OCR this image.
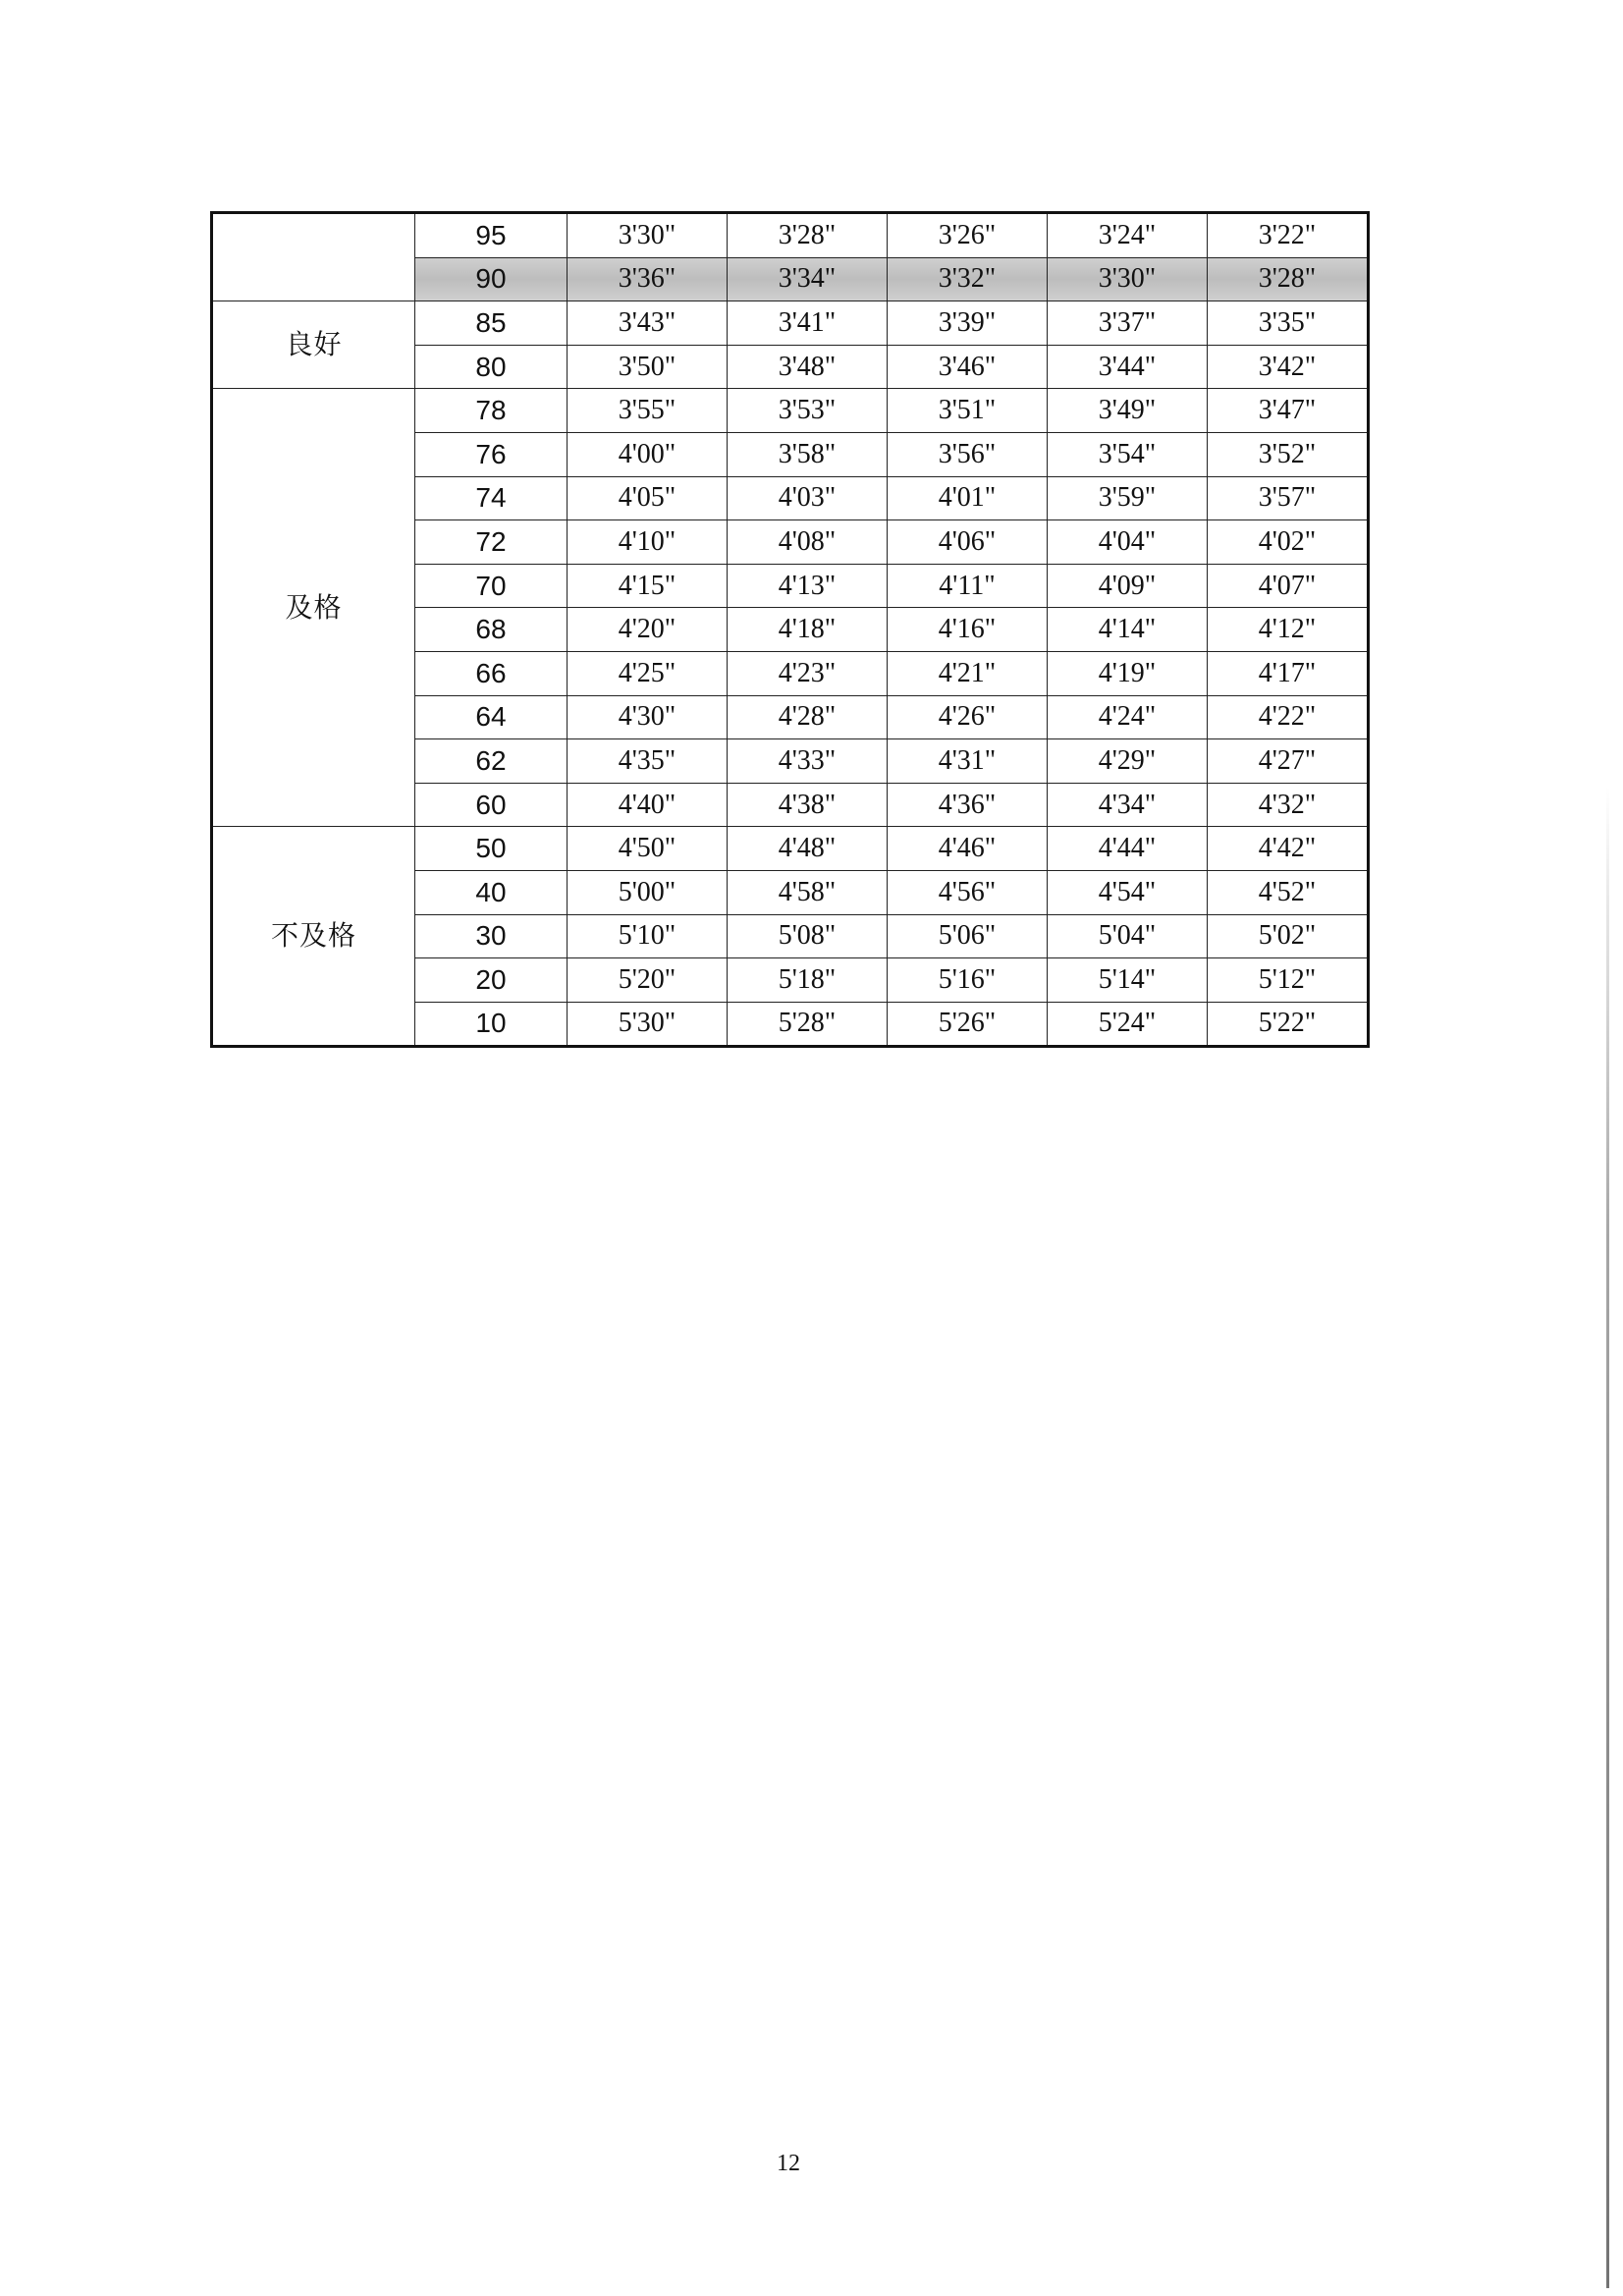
	95	3'30"	3'28"	3'26"	3'24"	3'22"
	90	3'36"	3'34"	3'32"	3'30"	3'28"
良好	85	3'43"	3'41"	3'39"	3'37"	3'35"
	80	3'50"	3'48"	3'46"	3'44"	3'42"
及格	78	3'55"	3'53"	3'51"	3'49"	3'47"
	76	4'00"	3'58"	3'56"	3'54"	3'52"
	74	4'05"	4'03"	4'01"	3'59"	3'57"
	72	4'10"	4'08"	4'06"	4'04"	4'02"
	70	4'15"	4'13"	4'11"	4'09"	4'07"
	68	4'20"	4'18"	4'16"	4'14"	4'12"
	66	4'25"	4'23"	4'21"	4'19"	4'17"
	64	4'30"	4'28"	4'26"	4'24"	4'22"
	62	4'35"	4'33"	4'31"	4'29"	4'27"
	60	4'40"	4'38"	4'36"	4'34"	4'32"
不及格	50	4'50"	4'48"	4'46"	4'44"	4'42"
	40	5'00"	4'58"	4'56"	4'54"	4'52"
	30	5'10"	5'08"	5'06"	5'04"	5'02"
	20	5'20"	5'18"	5'16"	5'14"	5'12"
	10	5'30"	5'28"	5'26"	5'24"	5'22"
12
